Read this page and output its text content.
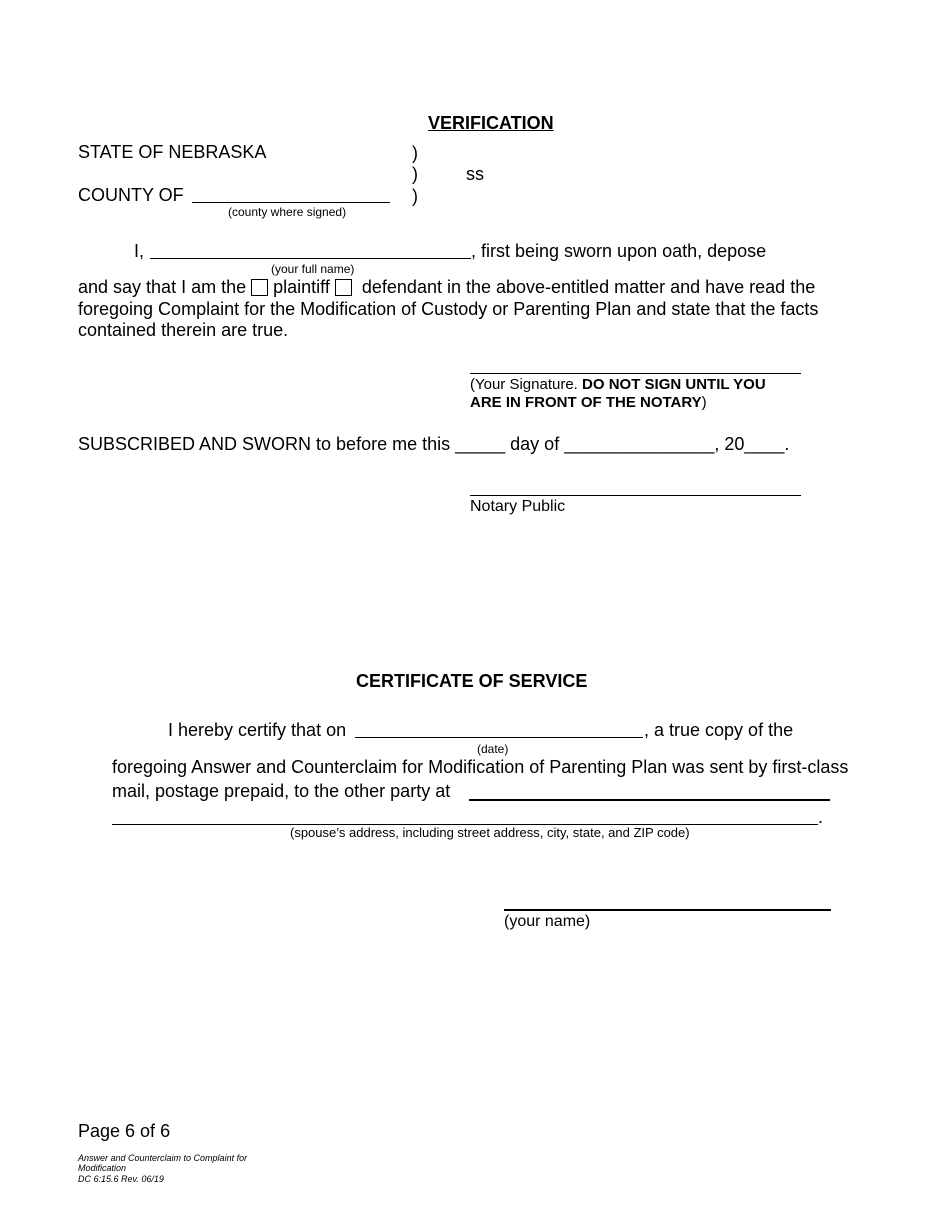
VERIFICATION
STATE OF NEBRASKA	)
)	ss
)
COUNTY OF
(county where signed)
I,	, first being sworn upon oath, depose
(your full name)
and say that I am the plaintiff defendant in the above-entitled matter and have read the
foregoing Complaint for the Modification of Custody or Parenting Plan and state that the facts
contained therein are true.
(Your Signature. DO NOT SIGN UNTIL YOU
ARE IN FRONT OF THE NOTARY)
SUBSCRIBED AND SWORN to before me this _____ day of _______________, 20____.
Notary Public
CERTIFICATE OF SERVICE
I hereby certify that on	, a true copy of the
(date)
foregoing Answer and Counterclaim for Modification of Parenting Plan was sent by first-class
mail, postage prepaid, to the other party at
.
(spouse’s address, including street address, city, state, and ZIP code)
(your name)
Page 6 of 6
Answer and Counterclaim to Complaint for
Modification
DC 6:15.6 Rev. 06/19
